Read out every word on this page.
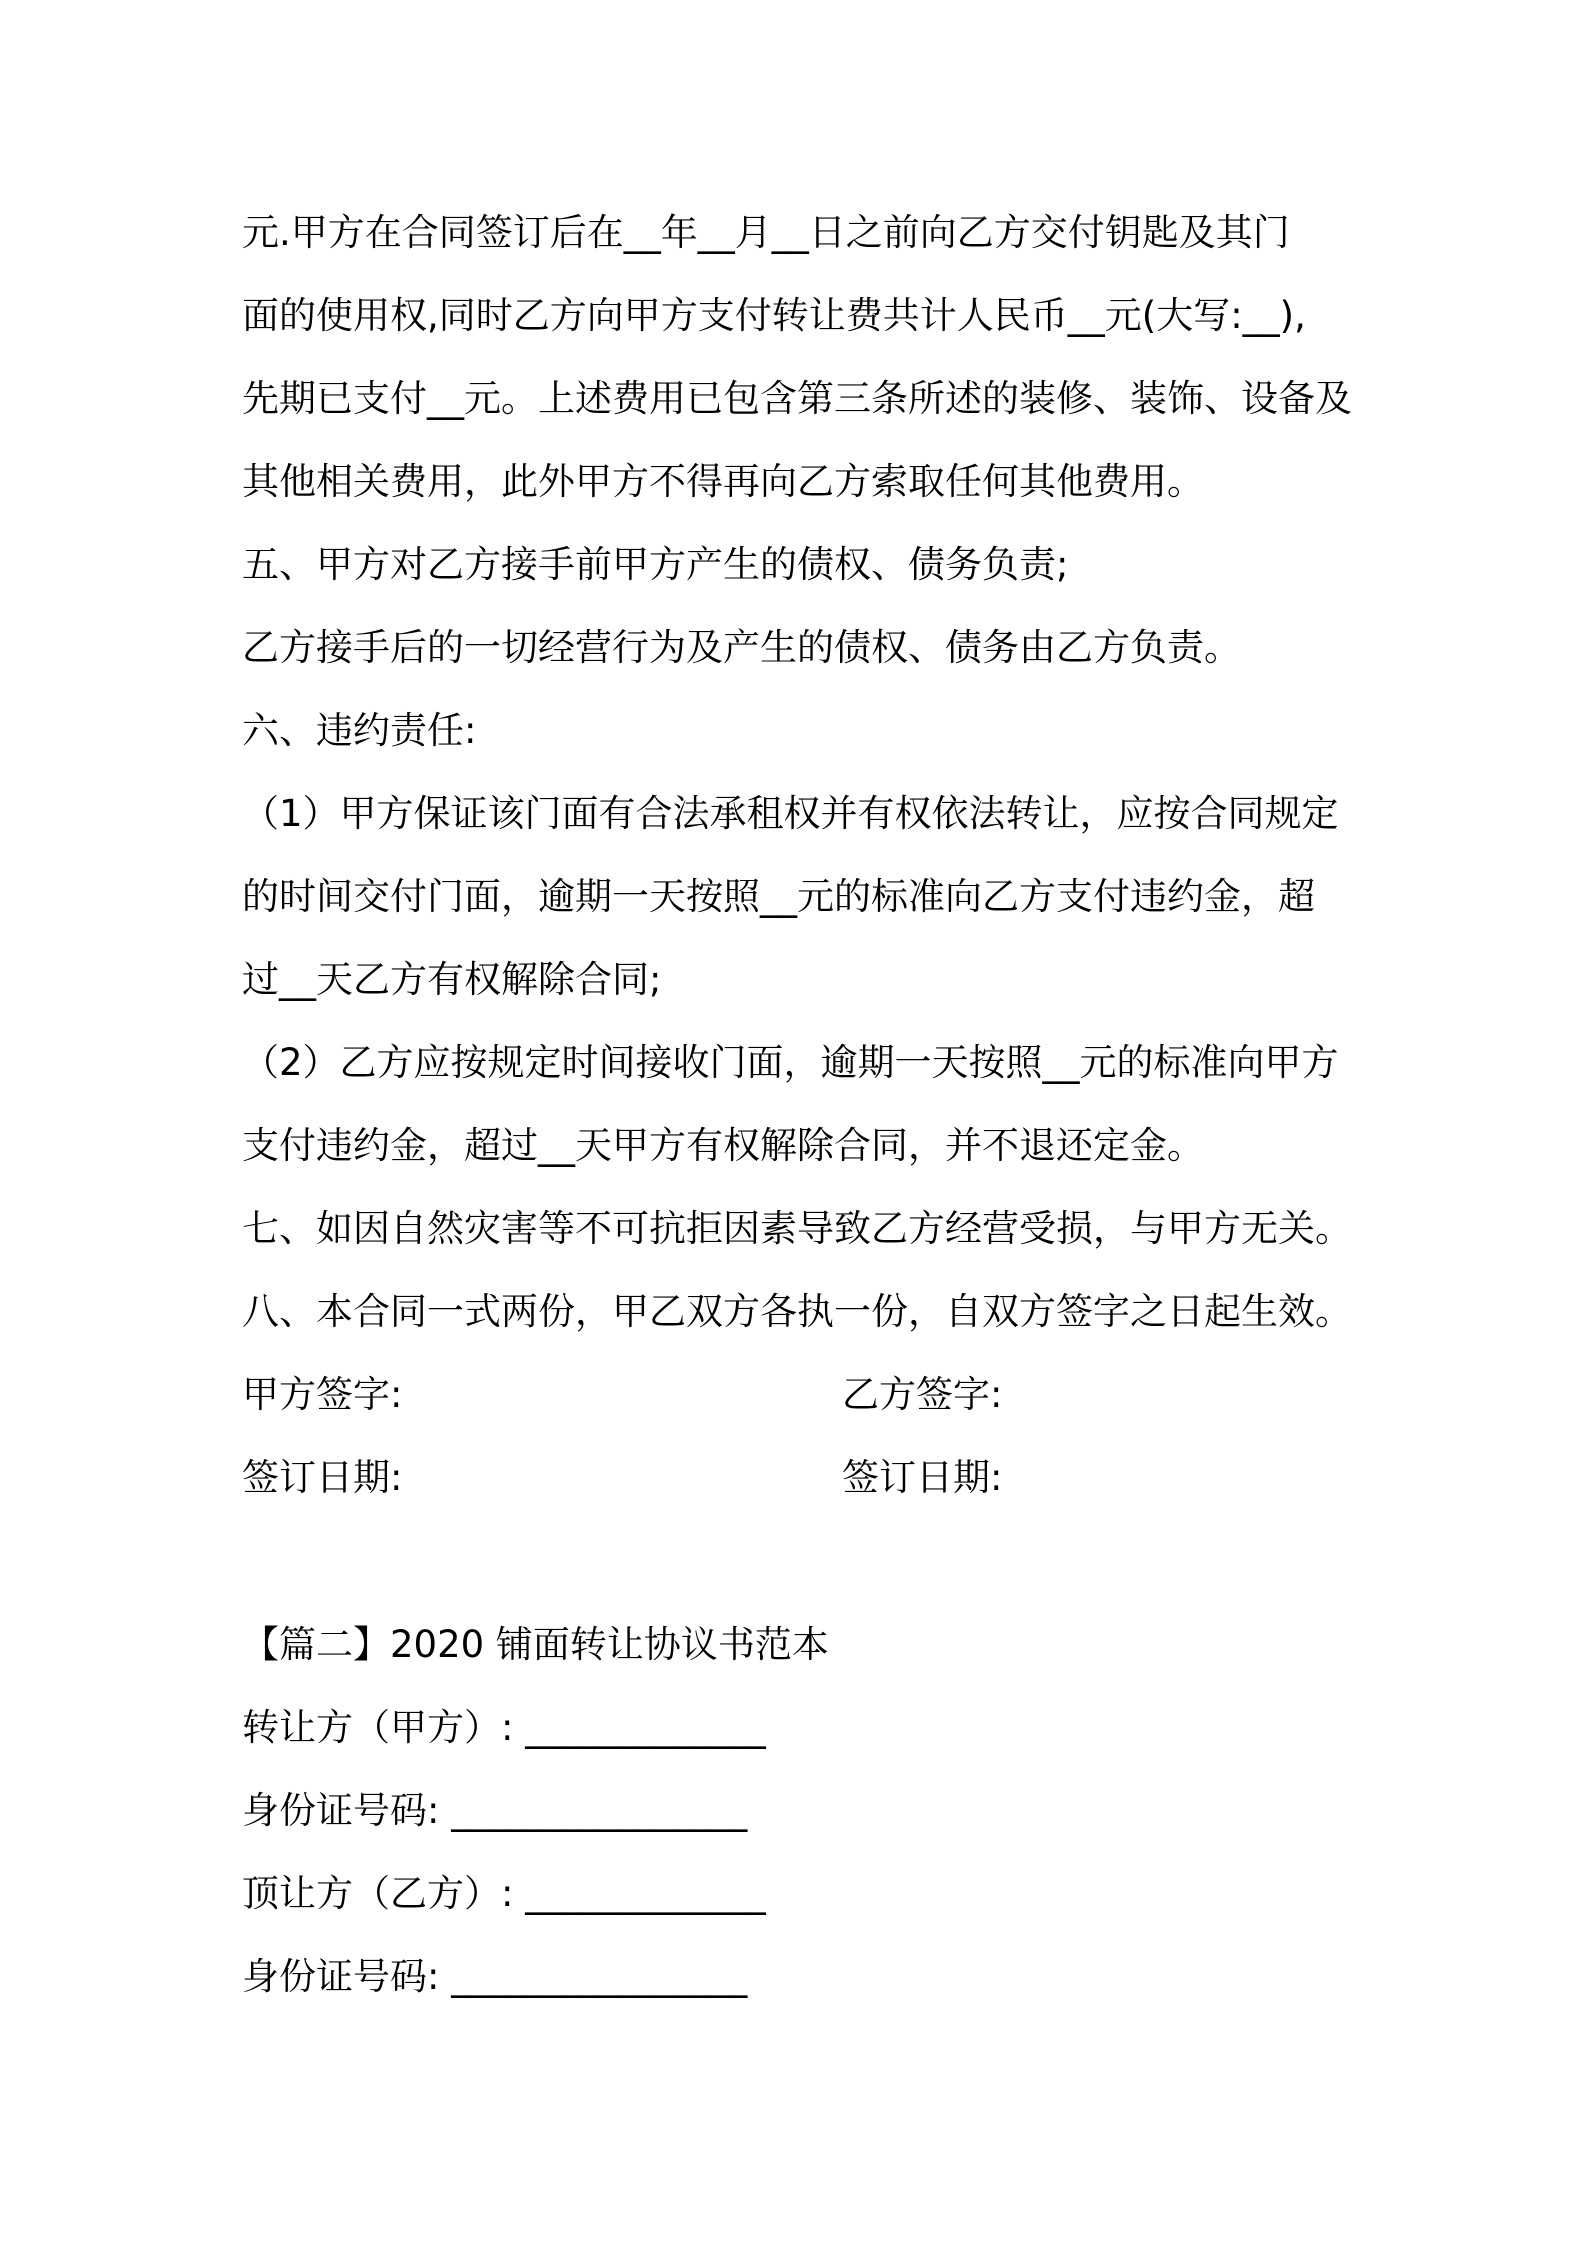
元.甲方在合同签订后在__年__月__日之前向乙方交付钥匙及其门
面的使用权,同时乙方向甲方支付转让费共计人民币__元(大写:__),
先期已支付__元。上述费用已包含第三条所述的装修、装饰、设备及
其他相关费用，此外甲方不得再向乙方索取任何其他费用。
五、甲方对乙方接手前甲方产生的债权、债务负责;
乙方接手后的一切经营行为及产生的债权、债务由乙方负责。
六、违约责任:
（1）甲方保证该门面有合法承租权并有权依法转让，应按合同规定
的时间交付门面，逾期一天按照__元的标准向乙方支付违约金，超
过__天乙方有权解除合同;
（2）乙方应按规定时间接收门面，逾期一天按照__元的标准向甲方
支付违约金，超过__天甲方有权解除合同，并不退还定金。
七、如因自然灾害等不可抗拒因素导致乙方经营受损，与甲方无关。
八、本合同一式两份，甲乙双方各执一份，自双方签字之日起生效。
甲方签字:	乙方签字:
签订日期:	签订日期:
【篇二】2020 铺面转让协议书范本
转让方（甲方）: _____________
身份证号码: ________________
顶让方（乙方）: _____________
身份证号码: ________________
